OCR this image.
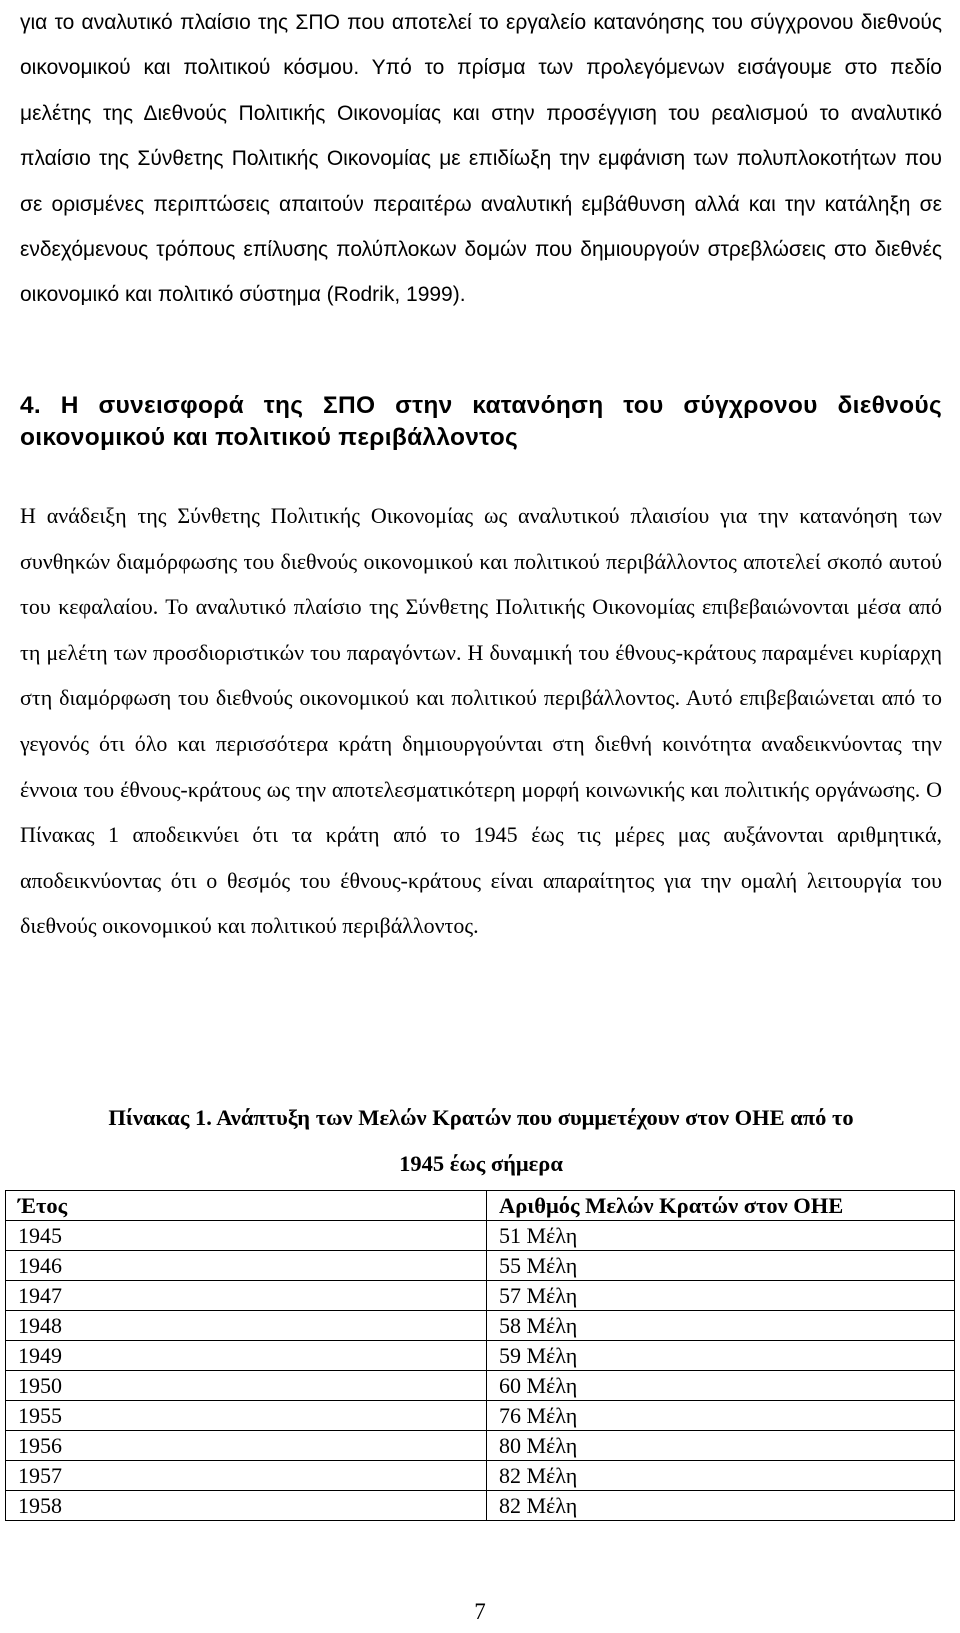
για το αναλυτικό πλαίσιο της ΣΠΟ που αποτελεί το εργαλείο κατανόησης του σύγχρονου διεθνούς οικονομικού και πολιτικού κόσμου. Υπό το πρίσμα των προλεγόμενων εισάγουμε στο πεδίο μελέτης της Διεθνούς Πολιτικής Οικονομίας και στην προσέγγιση του ρεαλισμού το αναλυτικό πλαίσιο της Σύνθετης Πολιτικής Οικονομίας με επιδίωξη την εμφάνιση των πολυπλοκοτήτων που σε ορισμένες περιπτώσεις απαιτούν περαιτέρω αναλυτική εμβάθυνση αλλά και την κατάληξη σε ενδεχόμενους τρόπους επίλυσης πολύπλοκων δομών που δημιουργούν στρεβλώσεις στο διεθνές οικονομικό και πολιτικό σύστημα (Rodrik, 1999).

4. Η συνεισφορά της ΣΠΟ στην κατανόηση του σύγχρονου διεθνούς οικονομικού και πολιτικού περιβάλλοντος

Η ανάδειξη της Σύνθετης Πολιτικής Οικονομίας ως αναλυτικού πλαισίου για την κατανόηση των συνθηκών διαμόρφωσης του διεθνούς οικονομικού και πολιτικού περιβάλλοντος αποτελεί σκοπό αυτού του κεφαλαίου. Το αναλυτικό πλαίσιο της Σύνθετης Πολιτικής Οικονομίας επιβεβαιώνονται μέσα από τη μελέτη των προσδιοριστικών του παραγόντων. Η δυναμική του έθνους-κράτους παραμένει κυρίαρχη στη διαμόρφωση του διεθνούς οικονομικού και πολιτικού περιβάλλοντος. Αυτό επιβεβαιώνεται από το γεγονός ότι όλο και περισσότερα κράτη δημιουργούνται στη διεθνή κοινότητα αναδεικνύοντας την έννοια του έθνους-κράτους ως την αποτελεσματικότερη μορφή κοινωνικής και πολιτικής οργάνωσης. Ο Πίνακας 1 αποδεικνύει ότι τα κράτη από το 1945 έως τις μέρες μας αυξάνονται αριθμητικά, αποδεικνύοντας ότι ο θεσμός του έθνους-κράτους είναι απαραίτητος για την ομαλή λειτουργία του διεθνούς οικονομικού και πολιτικού περιβάλλοντος.

Πίνακας 1. Ανάπτυξη των Μελών Κρατών που συμμετέχουν στον ΟΗΕ από το
1945 έως σήμερα
Έτος	Αριθμός Μελών Κρατών στον ΟΗΕ
1945	51 Μέλη
1946	55 Μέλη
1947	57 Μέλη
1948	58 Μέλη
1949	59 Μέλη
1950	60 Μέλη
1955	76 Μέλη
1956	80 Μέλη
1957	82 Μέλη
1958	82 Μέλη
7
